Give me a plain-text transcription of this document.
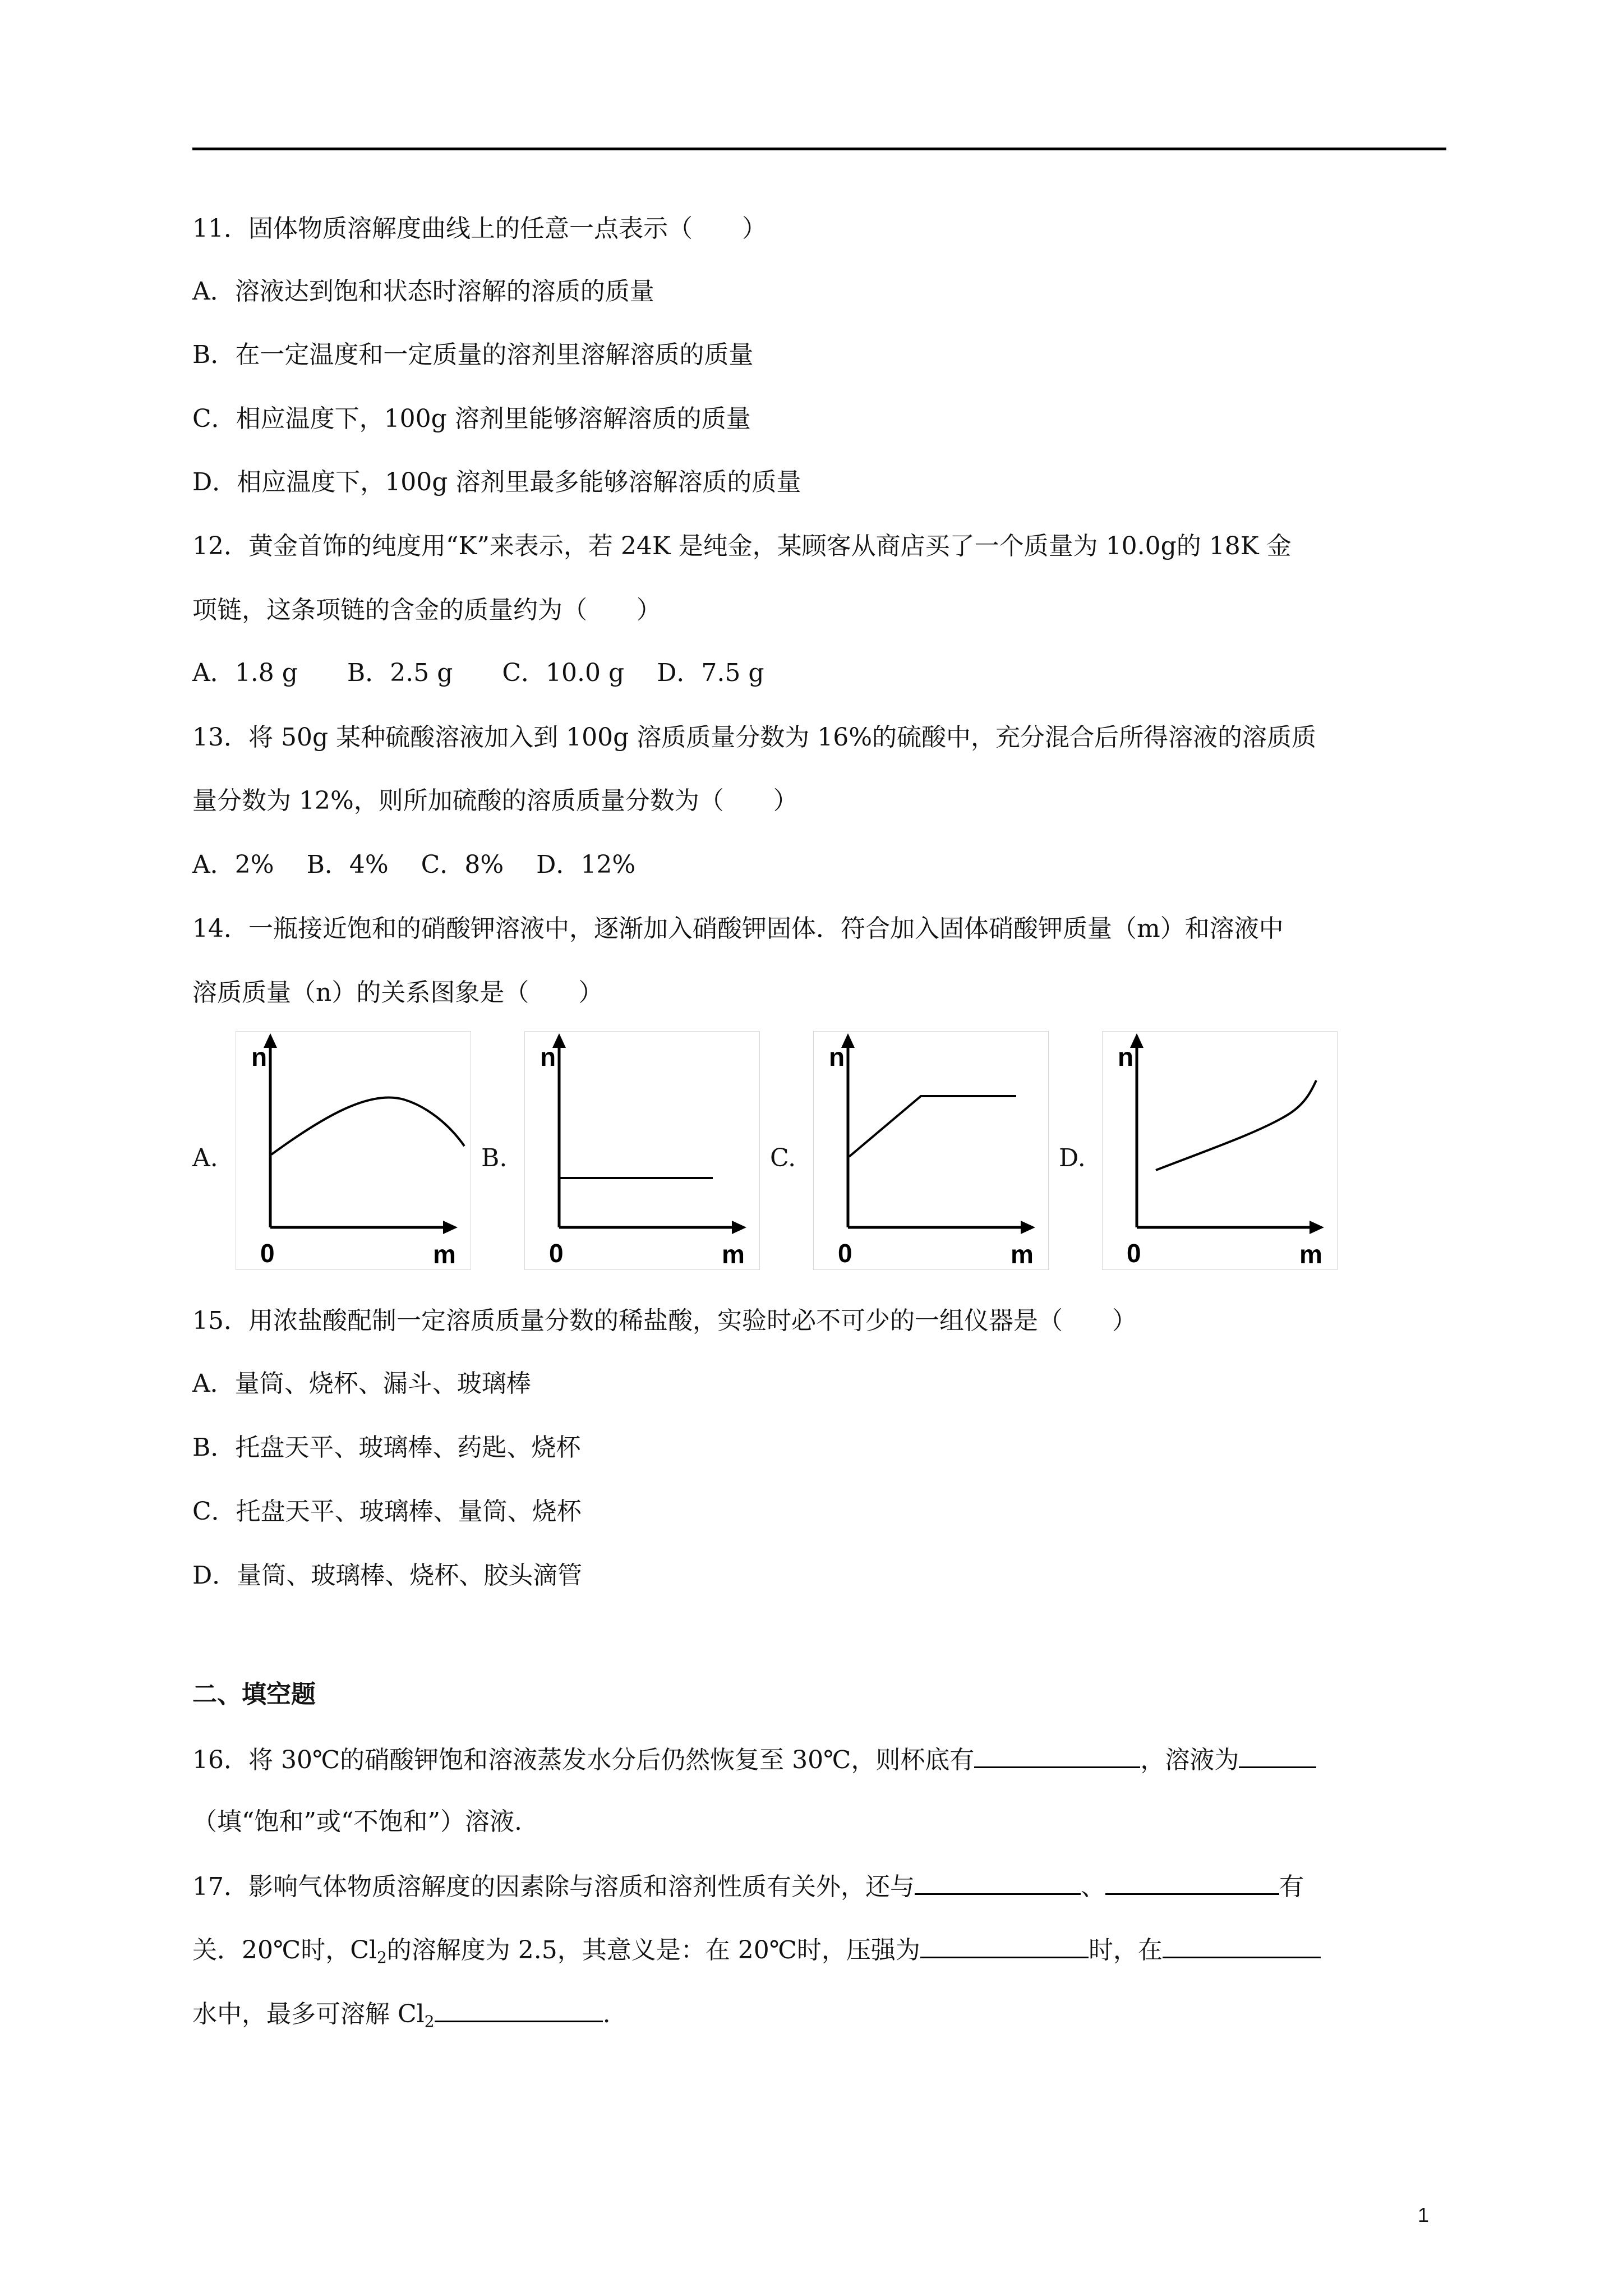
11．固体物质溶解度曲线上的任意一点表示（　　）
A．溶液达到饱和状态时溶解的溶质的质量
B．在一定温度和一定质量的溶剂里溶解溶质的质量
C．相应温度下，100g 溶剂里能够溶解溶质的质量
D．相应温度下，100g 溶剂里最多能够溶解溶质的质量
12．黄金首饰的纯度用“K”来表示，若 24K 是纯金，某顾客从商店买了一个质量为 10.0g的 18K 金
项链，这条项链的含金的质量约为（　　）
A．1.8 g　　B．2.5 g　　C．10.0 g　 D．7.5 g
13．将 50g 某种硫酸溶液加入到 100g 溶质质量分数为 16%的硫酸中，充分混合后所得溶液的溶质质
量分数为 12%，则所加硫酸的溶质质量分数为（　　）
A．2%　 B．4%　 C．8%　 D．12%
14．一瓶接近饱和的硝酸钾溶液中，逐渐加入硝酸钾固体．符合加入固体硝酸钾质量（m）和溶液中
溶质质量（n）的关系图象是（　　）
A.
n
0	m
B.
n
0	m
C.
n
0	m
D.
n
0	m
15．用浓盐酸配制一定溶质质量分数的稀盐酸，实验时必不可少的一组仪器是（　　）
A．量筒、烧杯、漏斗、玻璃棒
B．托盘天平、玻璃棒、药匙、烧杯
C．托盘天平、玻璃棒、量筒、烧杯
D．量筒、玻璃棒、烧杯、胶头滴管
二、填空题
16．将 30℃的硝酸钾饱和溶液蒸发水分后仍然恢复至 30℃，则杯底有	，溶液为
（填“饱和”或“不饱和”）溶液.
17．影响气体物质溶解度的因素除与溶质和溶剂性质有关外，还与	、	有
关．20℃时，$Cl_2$的溶解度为 2.5，其意义是：在 20℃时，压强为	时，在
水中，最多可溶解 $Cl_2$	.
1
